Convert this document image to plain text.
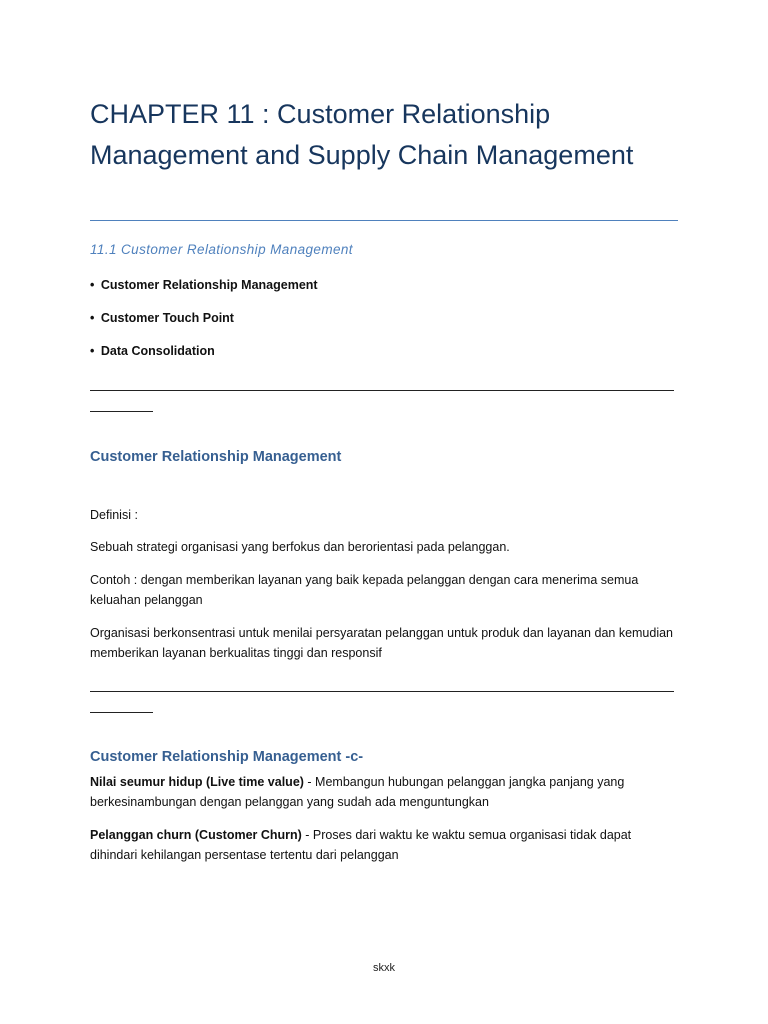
CHAPTER 11 : Customer Relationship Management and Supply Chain Management
11.1 Customer Relationship Management
• Customer Relationship Management
• Customer Touch Point
• Data Consolidation
Customer Relationship Management

Definisi :

Sebuah strategi organisasi yang berfokus dan berorientasi pada pelanggan.

Contoh : dengan memberikan layanan yang baik kepada pelanggan dengan cara menerima semua keluahan pelanggan

Organisasi berkonsentrasi untuk menilai persyaratan pelanggan untuk produk dan layanan dan kemudian memberikan layanan berkualitas tinggi dan responsif

Customer Relationship Management -c-

Nilai seumur hidup (Live time value) - Membangun hubungan pelanggan jangka panjang yang berkesinambungan dengan pelanggan yang sudah ada menguntungkan

Pelanggan churn (Customer Churn) - Proses dari waktu ke waktu semua organisasi tidak dapat dihindari kehilangan persentase tertentu dari pelanggan

skxk
